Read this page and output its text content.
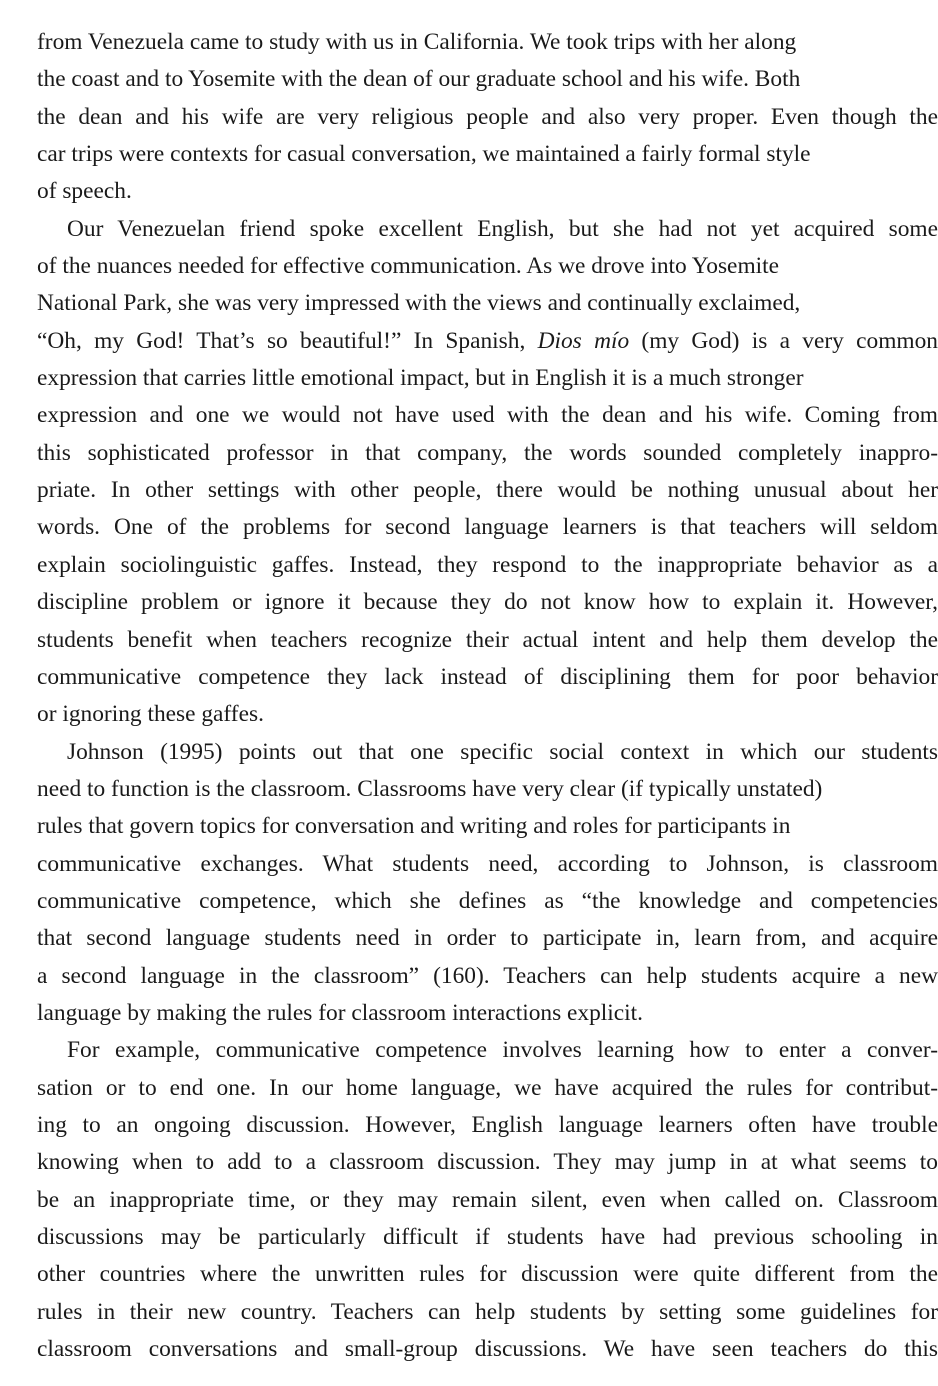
from Venezuela came to study with us in California. We took trips with her along
the coast and to Yosemite with the dean of our graduate school and his wife. Both
the dean and his wife are very religious people and also very proper. Even though the
car trips were contexts for casual conversation, we maintained a fairly formal style
of speech.
Our Venezuelan friend spoke excellent English, but she had not yet acquired some
of the nuances needed for effective communication. As we drove into Yosemite
National Park, she was very impressed with the views and continually exclaimed,
“Oh, my God! That’s so beautiful!” In Spanish, Dios mío (my God) is a very common
expression that carries little emotional impact, but in English it is a much stronger
expression and one we would not have used with the dean and his wife. Coming from
this sophisticated professor in that company, the words sounded completely inappro-
priate. In other settings with other people, there would be nothing unusual about her
words. One of the problems for second language learners is that teachers will seldom
explain sociolinguistic gaffes. Instead, they respond to the inappropriate behavior as a
discipline problem or ignore it because they do not know how to explain it. However,
students benefit when teachers recognize their actual intent and help them develop the
communicative competence they lack instead of disciplining them for poor behavior
or ignoring these gaffes.
Johnson (1995) points out that one specific social context in which our students
need to function is the classroom. Classrooms have very clear (if typically unstated)
rules that govern topics for conversation and writing and roles for participants in
communicative exchanges. What students need, according to Johnson, is classroom
communicative competence, which she defines as “the knowledge and competencies
that second language students need in order to participate in, learn from, and acquire
a second language in the classroom” (160). Teachers can help students acquire a new
language by making the rules for classroom interactions explicit.
For example, communicative competence involves learning how to enter a conver-
sation or to end one. In our home language, we have acquired the rules for contribut-
ing to an ongoing discussion. However, English language learners often have trouble
knowing when to add to a classroom discussion. They may jump in at what seems to
be an inappropriate time, or they may remain silent, even when called on. Classroom
discussions may be particularly difficult if students have had previous schooling in
other countries where the unwritten rules for discussion were quite different from the
rules in their new country. Teachers can help students by setting some guidelines for
classroom conversations and small-group discussions. We have seen teachers do this
